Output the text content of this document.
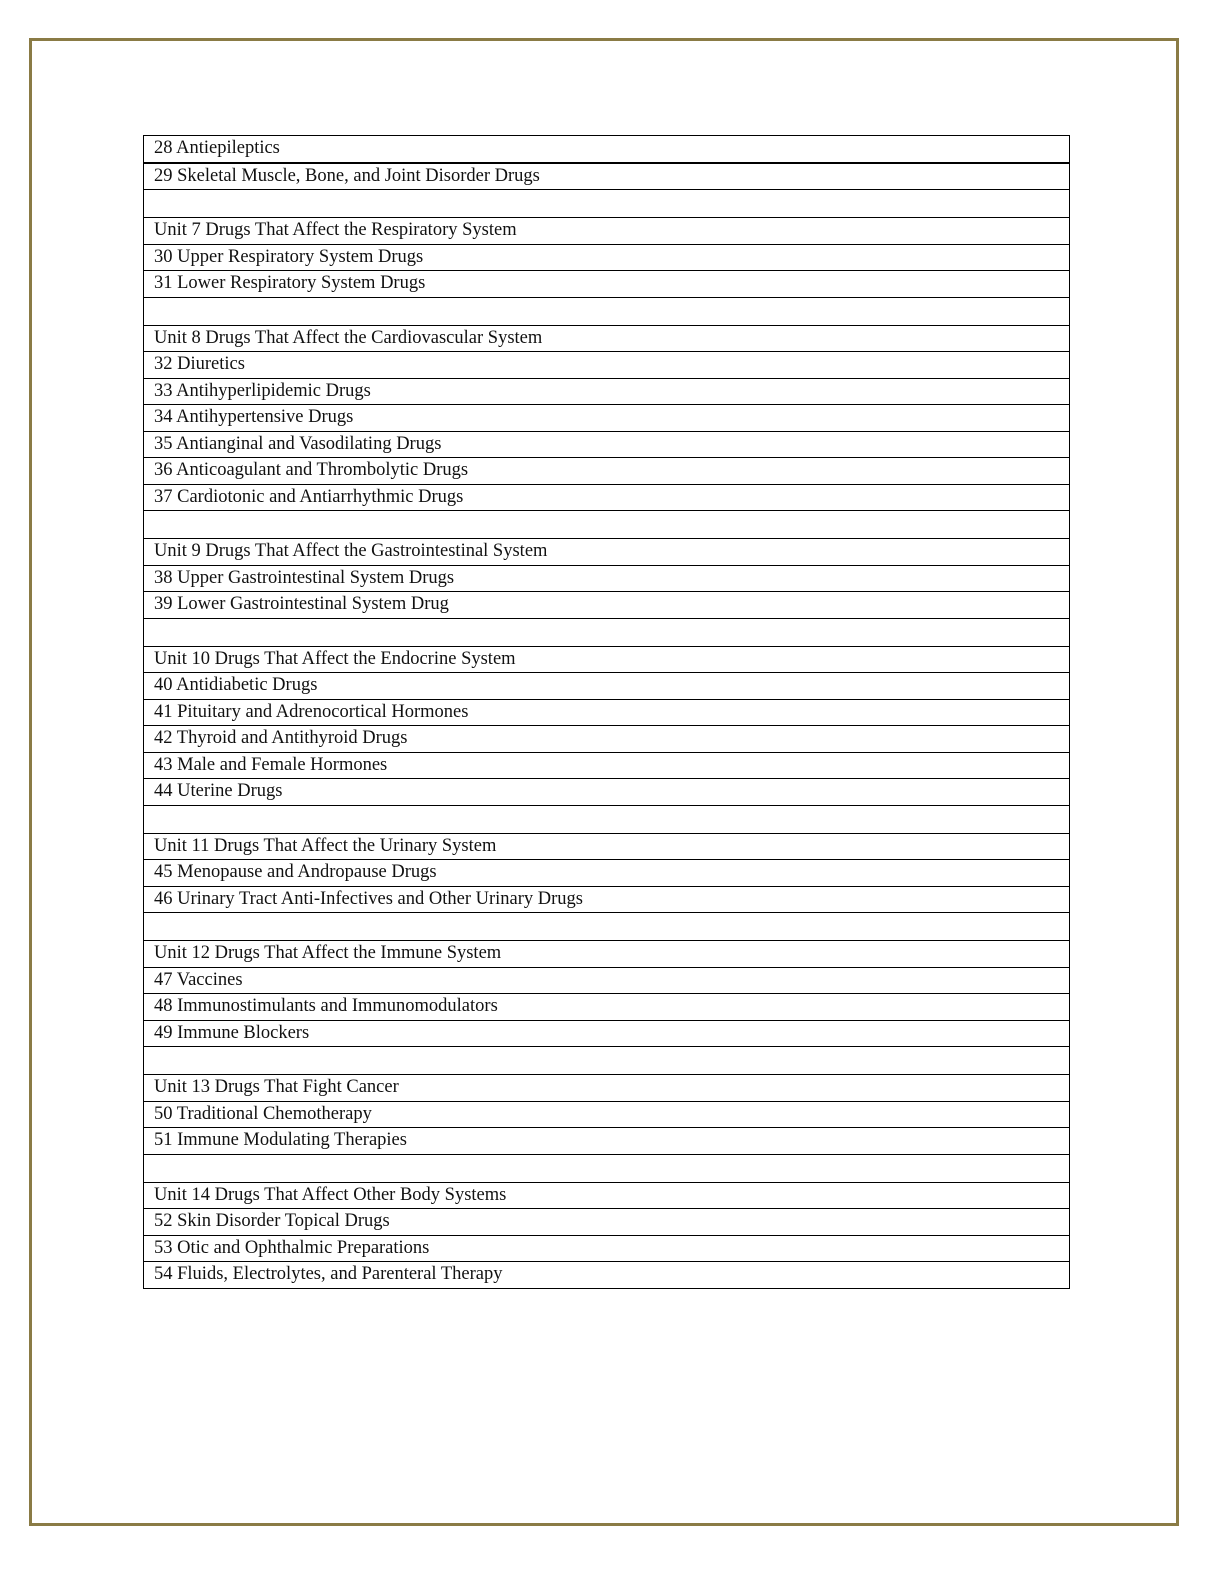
28 Antiepileptics
29 Skeletal Muscle, Bone, and Joint Disorder Drugs

Unit 7 Drugs That Affect the Respiratory System
30 Upper Respiratory System Drugs
31 Lower Respiratory System Drugs

Unit 8 Drugs That Affect the Cardiovascular System
32 Diuretics
33 Antihyperlipidemic Drugs
34 Antihypertensive Drugs
35 Antianginal and Vasodilating Drugs
36 Anticoagulant and Thrombolytic Drugs
37 Cardiotonic and Antiarrhythmic Drugs

Unit 9 Drugs That Affect the Gastrointestinal System
38 Upper Gastrointestinal System Drugs
39 Lower Gastrointestinal System Drug

Unit 10 Drugs That Affect the Endocrine System
40 Antidiabetic Drugs
41 Pituitary and Adrenocortical Hormones
42 Thyroid and Antithyroid Drugs
43 Male and Female Hormones
44 Uterine Drugs

Unit 11 Drugs That Affect the Urinary System
45 Menopause and Andropause Drugs
46 Urinary Tract Anti-Infectives and Other Urinary Drugs

Unit 12 Drugs That Affect the Immune System
47 Vaccines
48 Immunostimulants and Immunomodulators
49 Immune Blockers

Unit 13 Drugs That Fight Cancer
50 Traditional Chemotherapy
51 Immune Modulating Therapies

Unit 14 Drugs That Affect Other Body Systems
52 Skin Disorder Topical Drugs
53 Otic and Ophthalmic Preparations
54 Fluids, Electrolytes, and Parenteral Therapy
